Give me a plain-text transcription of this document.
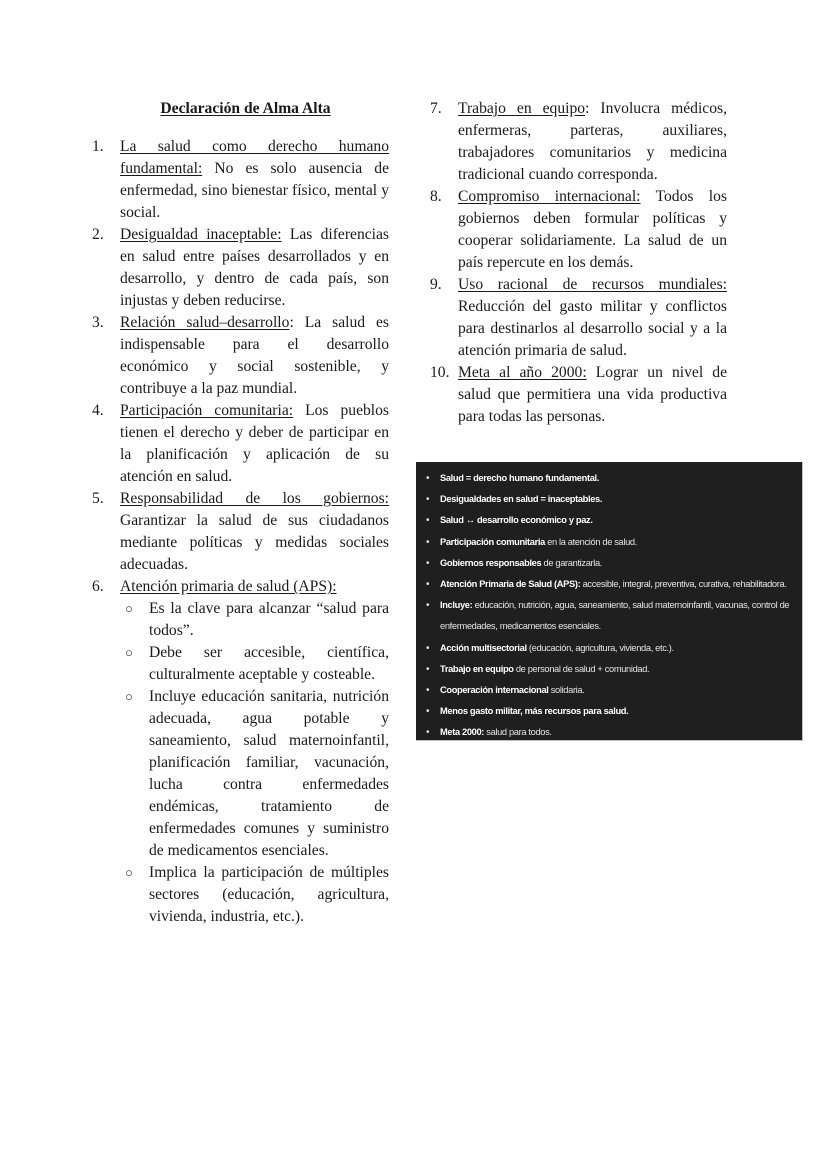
Declaración de Alma Alta
1.	La salud como derecho humano fundamental: No es solo ausencia de enfermedad, sino bienestar físico, mental y social.
2.	Desigualdad inaceptable: Las diferencias en salud entre países desarrollados y en desarrollo, y dentro de cada país, son injustas y deben reducirse.
3.	Relación salud–desarrollo: La salud es indispensable para el desarrollo económico y social sostenible, y contribuye a la paz mundial.
4.	Participación comunitaria: Los pueblos tienen el derecho y deber de participar en la planificación y aplicación de su atención en salud.
5.	Responsabilidad de los gobiernos: Garantizar la salud de sus ciudadanos mediante políticas y medidas sociales adecuadas.
6.	Atención primaria de salud (APS):
○ Es la clave para alcanzar “salud para todos”.
○ Debe ser accesible, científica, culturalmente aceptable y costeable.
○ Incluye educación sanitaria, nutrición adecuada, agua potable y saneamiento, salud maternoinfantil, planificación familiar, vacunación, lucha contra enfermedades endémicas, tratamiento de enfermedades comunes y suministro de medicamentos esenciales.
○ Implica la participación de múltiples sectores (educación, agricultura, vivienda, industria, etc.).
7.	Trabajo en equipo: Involucra médicos, enfermeras, parteras, auxiliares, trabajadores comunitarios y medicina tradicional cuando corresponda.
8.	Compromiso internacional: Todos los gobiernos deben formular políticas y cooperar solidariamente. La salud de un país repercute en los demás.
9.	Uso racional de recursos mundiales: Reducción del gasto militar y conflictos para destinarlos al desarrollo social y a la atención primaria de salud.
10. Meta al año 2000: Lograr un nivel de salud que permitiera una vida productiva para todas las personas.
• Salud = derecho humano fundamental.
• Desigualdades en salud = inaceptables.
• Salud ↔ desarrollo económico y paz.
• Participación comunitaria en la atención de salud.
• Gobiernos responsables de garantizarla.
• Atención Primaria de Salud (APS): accesible, integral, preventiva, curativa, rehabilitadora.
• Incluye: educación, nutrición, agua, saneamiento, salud maternoinfantil, vacunas, control de enfermedades, medicamentos esenciales.
• Acción multisectorial (educación, agricultura, vivienda, etc.).
• Trabajo en equipo de personal de salud + comunidad.
• Cooperación internacional solidaria.
• Menos gasto militar, más recursos para salud.
• Meta 2000: salud para todos.
